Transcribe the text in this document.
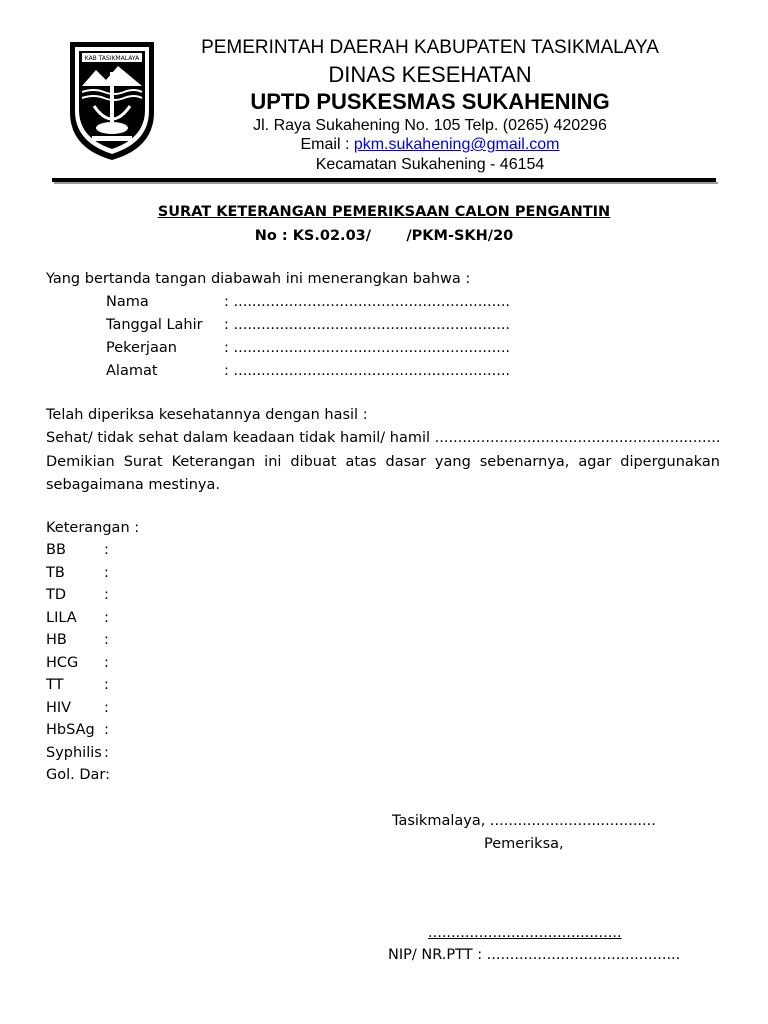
KAB TASIKMALAYA
PEMERINTAH DAERAH KABUPATEN TASIKMALAYA
DINAS KESEHATAN
UPTD PUSKESMAS SUKAHENING
Jl. Raya Sukahening No. 105 Telp. (0265) 420296
Email : pkm.sukahening@gmail.com
Kecamatan Sukahening - 46154
SURAT KETERANGAN PEMERIKSAAN CALON PENGANTIN
No : KS.02.03/       /PKM-SKH/20
Yang bertanda tangan diabawah ini menerangkan bahwa :
Nama	: ............................................................
Tanggal Lahir : ............................................................
Pekerjaan	: ............................................................
Alamat	: ............................................................
Telah diperiksa kesehatannya dengan hasil :
Sehat/ tidak sehat dalam keadaan tidak hamil/ hamil ..............................................................
Demikian Surat Keterangan ini dibuat atas dasar yang sebenarnya, agar dipergunakan sebagaimana mestinya.
Keterangan :
BB	:
TB	:
TD	:
LILA :
HB	:
HCG :
TT	:
HIV :
HbSAg :
Syphilis :
Gol. Dar:
Tasikmalaya, ....................................
Pemeriksa,
..........................................
NIP/ NR.PTT : ..........................................
